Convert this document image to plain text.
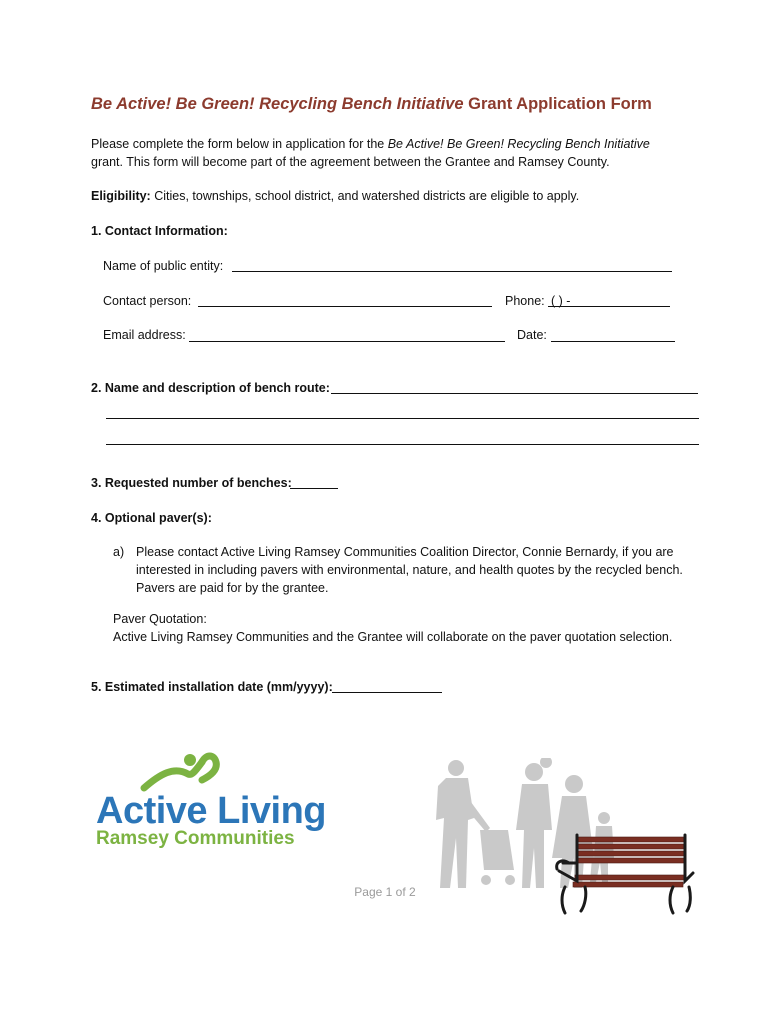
Be Active! Be Green! Recycling Bench Initiative Grant Application Form
Please complete the form below in application for the Be Active! Be Green! Recycling Bench Initiative
grant. This form will become part of the agreement between the Grantee and Ramsey County.
Eligibility: Cities, townships, school district, and watershed districts are eligible to apply.
1. Contact Information:
Name of public entity:
Contact person:	Phone: ( ) -
Email address:	Date:
2. Name and description of bench route:
3. Requested number of benches:
4. Optional paver(s):
a) Please contact Active Living Ramsey Communities Coalition Director, Connie Bernardy, if you are interested in including pavers with environmental, nature, and health quotes by the recycled bench. Pavers are paid for by the grantee.
Paver Quotation:
Active Living Ramsey Communities and the Grantee will collaborate on the paver quotation selection.
5. Estimated installation date (mm/yyyy):
Active Living
Ramsey Communities
Page 1 of 2
